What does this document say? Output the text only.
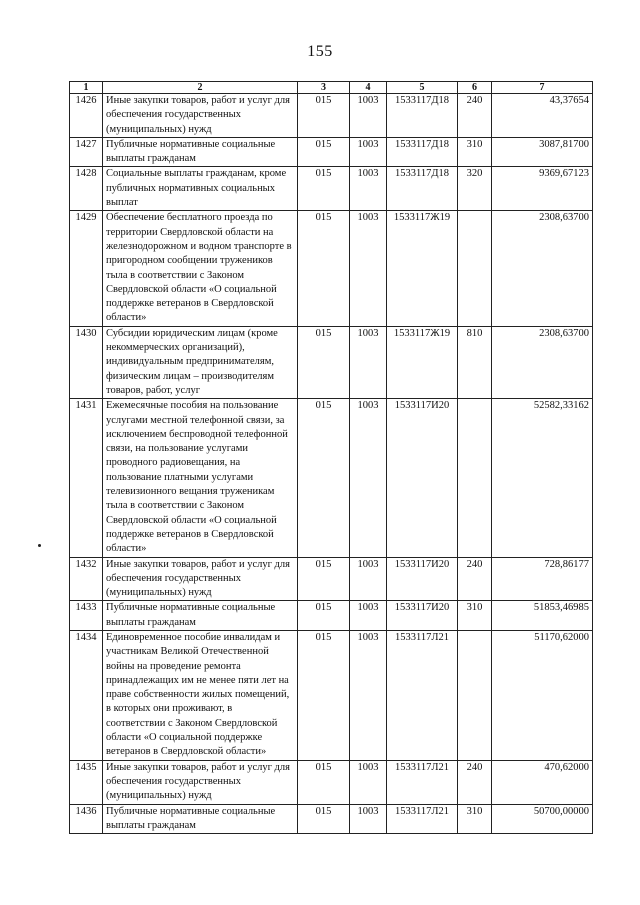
155
1	2	3	4	5	6	7
1426	Иные закупки товаров, работ и услуг для обеспечения государственных (муниципальных) нужд	015	1003	1533117Д18	240	43,37654
1427	Публичные нормативные социальные выплаты гражданам	015	1003	1533117Д18	310	3087,81700
1428	Социальные выплаты гражданам, кроме публичных нормативных социальных выплат	015	1003	1533117Д18	320	9369,67123
1429	Обеспечение бесплатного проезда по территории Свердловской области на железнодорожном и водном транспорте в пригородном сообщении тружеников тыла в соответствии с Законом Свердловской области «О социальной поддержке ветеранов в Свердловской области»	015	1003	1533117Ж19		2308,63700
1430	Субсидии юридическим лицам (кроме некоммерческих организаций), индивидуальным предпринимателям, физическим лицам – производителям товаров, работ, услуг	015	1003	1533117Ж19	810	2308,63700
1431	Ежемесячные пособия на пользование услугами местной телефонной связи, за исключением беспроводной телефонной связи, на пользование услугами проводного радиовещания, на пользование платными услугами телевизионного вещания труженикам тыла в соответствии с Законом Свердловской области «О социальной поддержке ветеранов в Свердловской области»	015	1003	1533117И20		52582,33162
1432	Иные закупки товаров, работ и услуг для обеспечения государственных (муниципальных) нужд	015	1003	1533117И20	240	728,86177
1433	Публичные нормативные социальные выплаты гражданам	015	1003	1533117И20	310	51853,46985
1434	Единовременное пособие инвалидам и участникам Великой Отечественной войны на проведение ремонта принадлежащих им не менее пяти лет на праве собственности жилых помещений, в которых они проживают, в соответствии с Законом Свердловской области «О социальной поддержке ветеранов в Свердловской области»	015	1003	1533117Л21		51170,62000
1435	Иные закупки товаров, работ и услуг для обеспечения государственных (муниципальных) нужд	015	1003	1533117Л21	240	470,62000
1436	Публичные нормативные социальные выплаты гражданам	015	1003	1533117Л21	310	50700,00000
